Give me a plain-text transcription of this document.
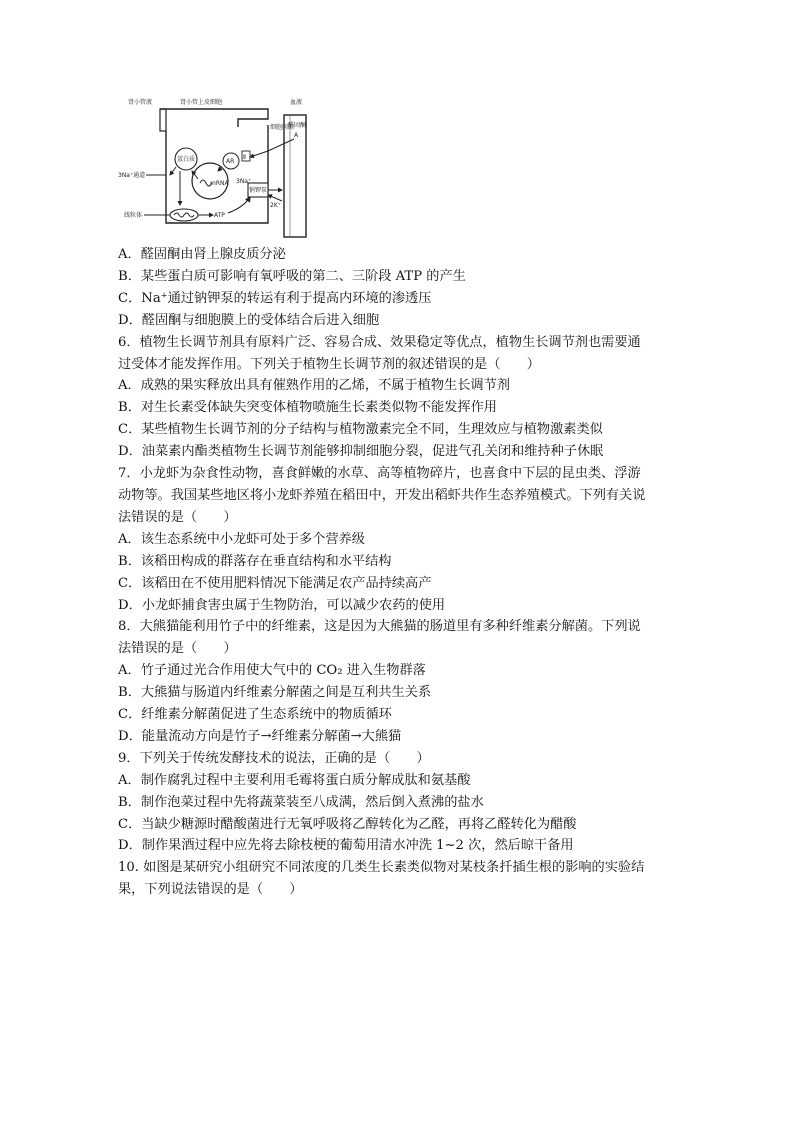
肾小管液	肾小管上皮细胞	血液
细胞间隙
醛固酮
A
蛋白质	AR
Ⅱ
mRNA
钠钾泵
3Na⁺
2K⁺
3Na⁺通道
线粒体	ATP
A．醛固酮由肾上腺皮质分泌
B．某些蛋白质可影响有氧呼吸的第二、三阶段 ATP 的产生
C．Na⁺通过钠钾泵的转运有利于提高内环境的渗透压
D．醛固酮与细胞膜上的受体结合后进入细胞
6．植物生长调节剂具有原料广泛、容易合成、效果稳定等优点，植物生长调节剂也需要通
过受体才能发挥作用。下列关于植物生长调节剂的叙述错误的是（　　）
A．成熟的果实释放出具有催熟作用的乙烯，不属于植物生长调节剂
B．对生长素受体缺失突变体植物喷施生长素类似物不能发挥作用
C．某些植物生长调节剂的分子结构与植物激素完全不同，生理效应与植物激素类似
D．油菜素内酯类植物生长调节剂能够抑制细胞分裂，促进气孔关闭和维持种子休眠
7．小龙虾为杂食性动物，喜食鲜嫩的水草、高等植物碎片，也喜食中下层的昆虫类、浮游
动物等。我国某些地区将小龙虾养殖在稻田中，开发出稻虾共作生态养殖模式。下列有关说
法错误的是（　　）
A．该生态系统中小龙虾可处于多个营养级
B．该稻田构成的群落存在垂直结构和水平结构
C．该稻田在不使用肥料情况下能满足农产品持续高产
D．小龙虾捕食害虫属于生物防治，可以减少农药的使用
8．大熊猫能利用竹子中的纤维素，这是因为大熊猫的肠道里有多种纤维素分解菌。下列说
法错误的是（　　）
A．竹子通过光合作用使大气中的 CO₂ 进入生物群落
B．大熊猫与肠道内纤维素分解菌之间是互利共生关系
C．纤维素分解菌促进了生态系统中的物质循环
D．能量流动方向是竹子→纤维素分解菌→大熊猫
9．下列关于传统发酵技术的说法，正确的是（　　）
A．制作腐乳过程中主要利用毛霉将蛋白质分解成肽和氨基酸
B．制作泡菜过程中先将蔬菜装至八成满，然后倒入煮沸的盐水
C．当缺少糖源时醋酸菌进行无氧呼吸将乙醇转化为乙醛，再将乙醛转化为醋酸
D．制作果酒过程中应先将去除枝梗的葡萄用清水冲洗 1~2 次，然后晾干备用
10. 如图是某研究小组研究不同浓度的几类生长素类似物对某枝条扦插生根的影响的实验结
果，下列说法错误的是（　　）
